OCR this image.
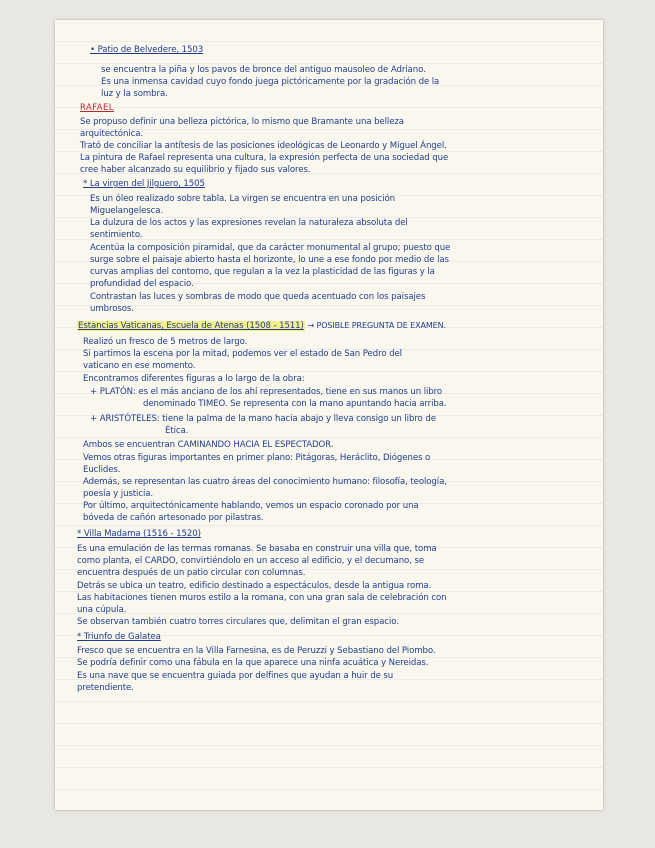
• Patio de Belvedere, 1503
se encuentra la piña y los pavos de bronce del antiguo mausoleo de Adriano.
Es una inmensa cavidad cuyo fondo juega pictóricamente por la gradación de la
luz y la sombra.
RAFAEL
Se propuso definir una belleza pictórica, lo mismo que Bramante una belleza
arquitectónica.
Trató de conciliar la antítesis de las posiciones ideológicas de Leonardo y Miguel Ángel.
La pintura de Rafael representa una cultura, la expresión perfecta de una sociedad que
cree haber alcanzado su equilibrio y fijado sus valores.
* La virgen del Jilguero, 1505
Es un óleo realizado sobre tabla. La virgen se encuentra en una posición
Miguelangelesca.
La dulzura de los actos y las expresiones revelan la naturaleza absoluta del
sentimiento.
Acentúa la composición piramidal, que da carácter monumental al grupo; puesto que
surge sobre el paisaje abierto hasta el horizonte, lo une a ese fondo por medio de las
curvas amplias del contorno, que regulan a la vez la plasticidad de las figuras y la
profundidad del espacio.
Contrastan las luces y sombras de modo que queda acentuado con los paisajes
umbrosos.
Estancias Vaticanas, Escuela de Atenas (1508 - 1511) → POSIBLE PREGUNTA DE EXAMEN.
Realizó un fresco de 5 metros de largo.
Si partimos la escena por la mitad, podemos ver el estado de San Pedro del
vaticano en ese momento.
Encontramos diferentes figuras a lo largo de la obra:
+ PLATÓN: es el más anciano de los ahí representados, tiene en sus manos un libro
denominado TIMEO. Se representa con la mano apuntando hacia arriba.
+ ARISTÓTELES: tiene la palma de la mano hacia abajo y lleva consigo un libro de
Ética.
Ambos se encuentran CAMINANDO HACIA EL ESPECTADOR.
Vemos otras figuras importantes en primer plano: Pitágoras, Heráclito, Diógenes o
Euclides.
Además, se representan las cuatro áreas del conocimiento humano: filosofía, teología,
poesía y justicia.
Por último, arquitectónicamente hablando, vemos un espacio coronado por una
bóveda de cañón artesonado por pilastras.
* Villa Madama (1516 - 1520)
Es una emulación de las termas romanas. Se basaba en construir una villa que, toma
como planta, el CARDO, convirtiéndolo en un acceso al edificio, y el decumano, se
encuentra después de un patio circular con columnas.
Detrás se ubica un teatro, edificio destinado a espectáculos, desde la antigua roma.
Las habitaciones tienen muros estilo a la romana, con una gran sala de celebración con
una cúpula.
Se observan también cuatro torres circulares que, delimitan el gran espacio.
* Triunfo de Galatea
Fresco que se encuentra en la Villa Farnesina, es de Peruzzi y Sebastiano del Piombo.
Se podría definir como una fábula en la que aparece una ninfa acuática y Nereidas.
Es una nave que se encuentra guiada por delfines que ayudan a huir de su
pretendiente.
